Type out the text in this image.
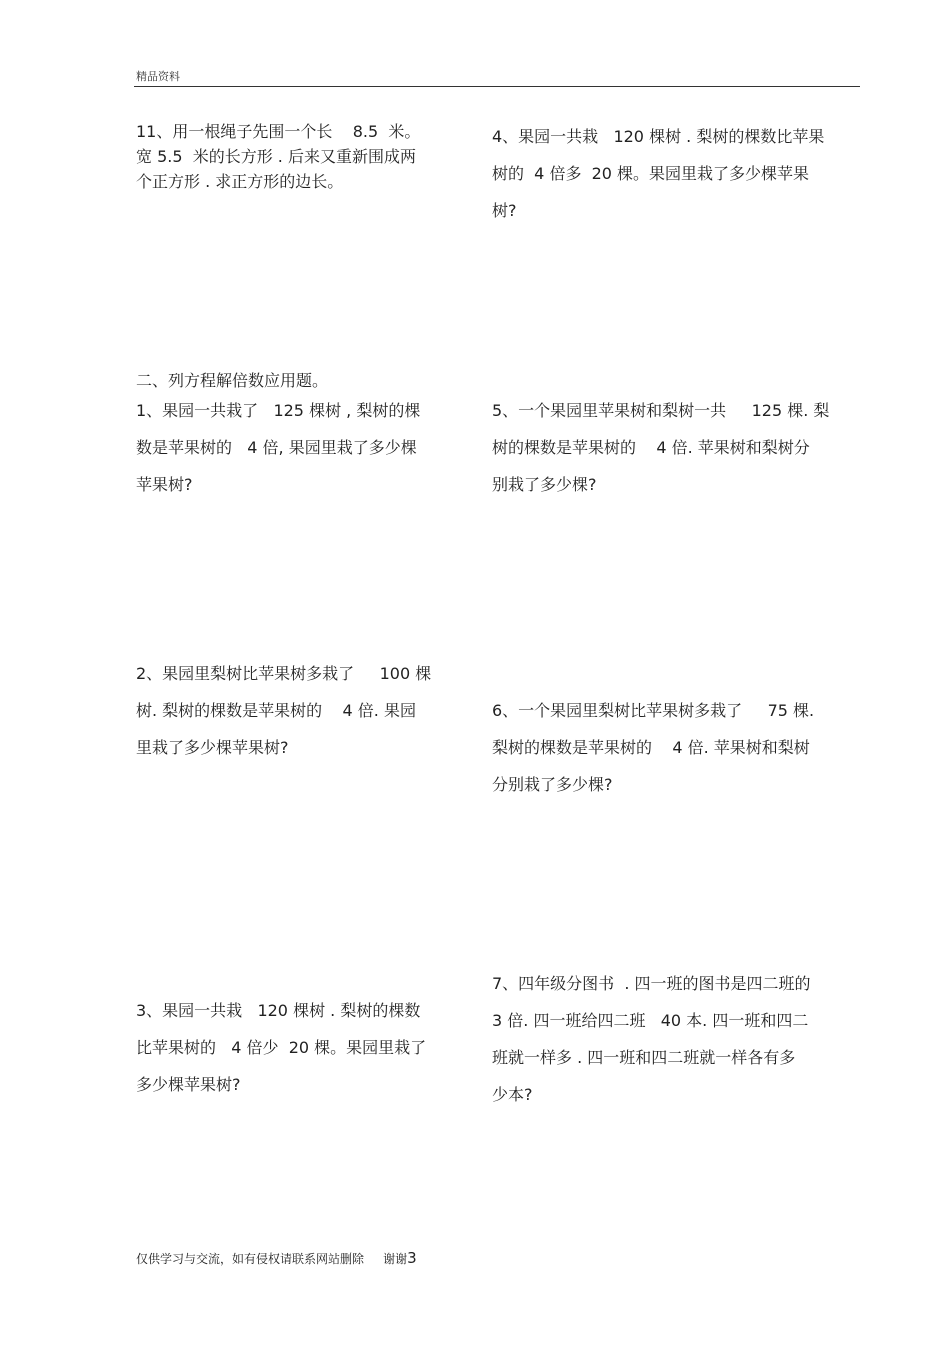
精品资料
11、用一根绳子先围一个长    8.5  米。
宽 5.5  米的长方形 . 后来又重新围成两
个正方形 . 求正方形的边长。
4、果园一共栽   120 棵树 . 梨树的棵数比苹果
树的  4 倍多  20 棵。果园里栽了多少棵苹果
树?
二、列方程解倍数应用题。
1、果园一共栽了   125 棵树 , 梨树的棵
数是苹果树的   4 倍, 果园里栽了多少棵
苹果树?
5、一个果园里苹果树和梨树一共     125 棵. 梨
树的棵数是苹果树的    4 倍. 苹果树和梨树分
别栽了多少棵?
2、果园里梨树比苹果树多栽了     100 棵
树. 梨树的棵数是苹果树的    4 倍. 果园
里栽了多少棵苹果树?
6、一个果园里梨树比苹果树多栽了     75 棵.
梨树的棵数是苹果树的    4 倍. 苹果树和梨树
分别栽了多少棵?
7、四年级分图书  . 四一班的图书是四二班的
3 倍. 四一班给四二班   40 本. 四一班和四二
班就一样多 . 四一班和四二班就一样各有多
少本?
3、果园一共栽   120 棵树 . 梨树的棵数
比苹果树的   4 倍少  20 棵。果园里栽了
多少棵苹果树?
仅供学习与交流，如有侵权请联系网站删除     谢谢3
